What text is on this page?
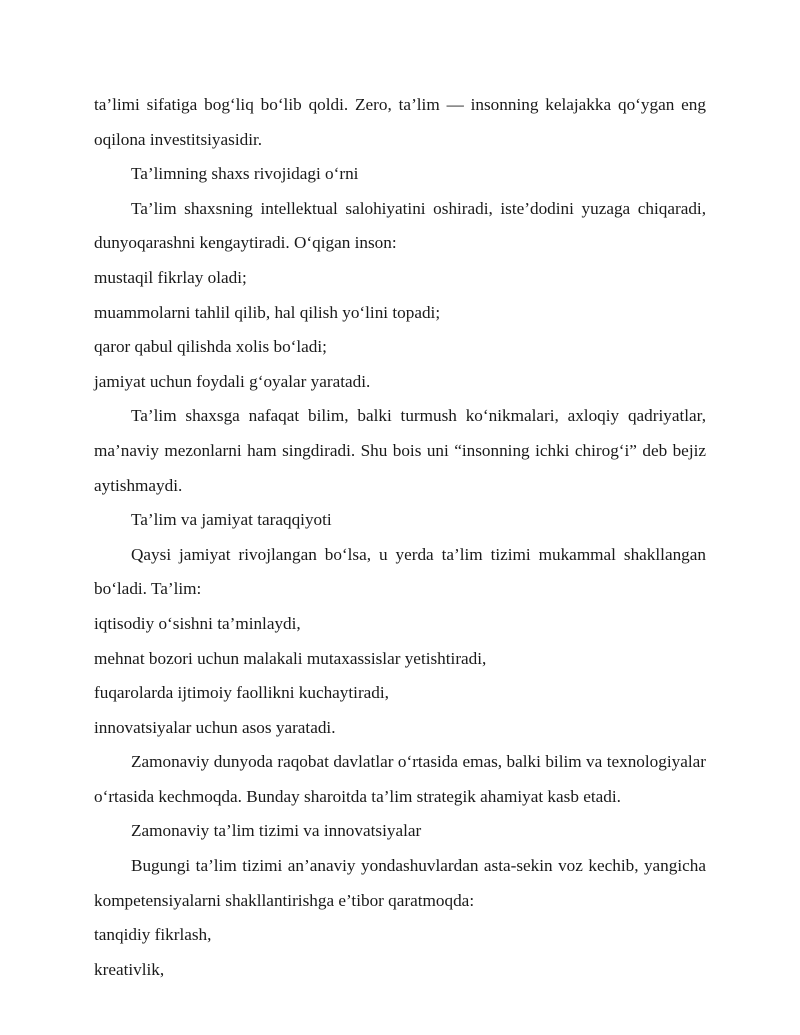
ta’limi sifatiga bog‘liq bo‘lib qoldi. Zero, ta’lim — insonning kelajakka qo‘ygan eng oqilona investitsiyasidir.

Ta’limning shaxs rivojidagi o‘rni

Ta’lim shaxsning intellektual salohiyatini oshiradi, iste’dodini yuzaga chiqaradi, dunyoqarashni kengaytiradi. O‘qigan inson:

mustaqil fikrlay oladi;

muammolarni tahlil qilib, hal qilish yo‘lini topadi;

qaror qabul qilishda xolis bo‘ladi;

jamiyat uchun foydali g‘oyalar yaratadi.

Ta’lim shaxsga nafaqat bilim, balki turmush ko‘nikmalari, axloqiy qadriyatlar, ma’naviy mezonlarni ham singdiradi. Shu bois uni “insonning ichki chirog‘i” deb bejiz aytishmaydi.

Ta’lim va jamiyat taraqqiyoti

Qaysi jamiyat rivojlangan bo‘lsa, u yerda ta’lim tizimi mukammal shakllangan bo‘ladi. Ta’lim:

iqtisodiy o‘sishni ta’minlaydi,

mehnat bozori uchun malakali mutaxassislar yetishtiradi,

fuqarolarda ijtimoiy faollikni kuchaytiradi,

innovatsiyalar uchun asos yaratadi.

Zamonaviy dunyoda raqobat davlatlar o‘rtasida emas, balki bilim va texnologiyalar o‘rtasida kechmoqda. Bunday sharoitda ta’lim strategik ahamiyat kasb etadi.

Zamonaviy ta’lim tizimi va innovatsiyalar

Bugungi ta’lim tizimi an’anaviy yondashuvlardan asta-sekin voz kechib, yangicha kompetensiyalarni shakllantirishga e’tibor qaratmoqda:

tanqidiy fikrlash,

kreativlik,
